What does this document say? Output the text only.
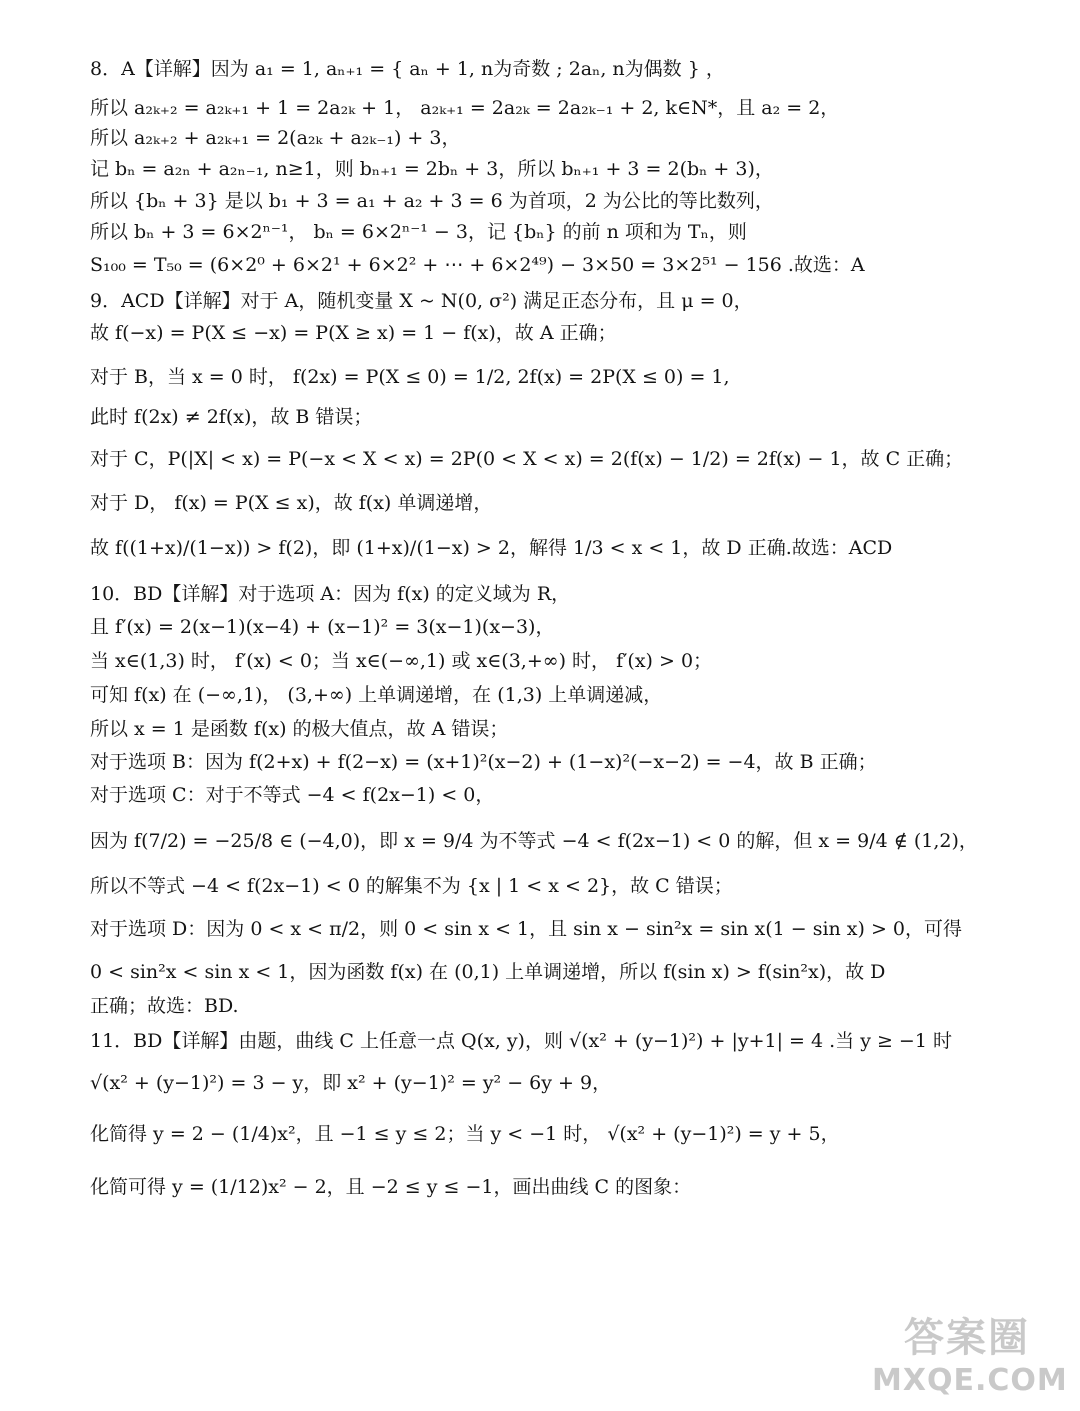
8．A【详解】因为 a₁ = 1, aₙ₊₁ = { aₙ + 1, n为奇数 ; 2aₙ, n为偶数 } ，
所以 a₂ₖ₊₂ = a₂ₖ₊₁ + 1 = 2a₂ₖ + 1， a₂ₖ₊₁ = 2a₂ₖ = 2a₂ₖ₋₁ + 2, k∈N*，且 a₂ = 2，
所以 a₂ₖ₊₂ + a₂ₖ₊₁ = 2(a₂ₖ + a₂ₖ₋₁) + 3，
记 bₙ = a₂ₙ + a₂ₙ₋₁, n≥1，则 bₙ₊₁ = 2bₙ + 3，所以 bₙ₊₁ + 3 = 2(bₙ + 3)，
所以 {bₙ + 3} 是以 b₁ + 3 = a₁ + a₂ + 3 = 6 为首项，2 为公比的等比数列，
所以 bₙ + 3 = 6×2ⁿ⁻¹， bₙ = 6×2ⁿ⁻¹ − 3，记 {bₙ} 的前 n 项和为 Tₙ，则
S₁₀₀ = T₅₀ = (6×2⁰ + 6×2¹ + 6×2² + ⋯ + 6×2⁴⁹) − 3×50 = 3×2⁵¹ − 156 .故选：A
9．ACD【详解】对于 A，随机变量 X ~ N(0, σ²) 满足正态分布，且 μ = 0，
故 f(−x) = P(X ≤ −x) = P(X ≥ x) = 1 − f(x)，故 A 正确；
对于 B，当 x = 0 时， f(2x) = P(X ≤ 0) = 1/2, 2f(x) = 2P(X ≤ 0) = 1,
此时 f(2x) ≠ 2f(x)，故 B 错误；
对于 C，P(|X| < x) = P(−x < X < x) = 2P(0 < X < x) = 2(f(x) − 1/2) = 2f(x) − 1，故 C 正确；
对于 D， f(x) = P(X ≤ x)，故 f(x) 单调递增，
故 f((1+x)/(1−x)) > f(2)，即 (1+x)/(1−x) > 2，解得 1/3 < x < 1，故 D 正确.故选：ACD
10．BD【详解】对于选项 A：因为 f(x) 的定义域为 R，
且 f′(x) = 2(x−1)(x−4) + (x−1)² = 3(x−1)(x−3)，
当 x∈(1,3) 时， f′(x) < 0；当 x∈(−∞,1) 或 x∈(3,+∞) 时， f′(x) > 0；
可知 f(x) 在 (−∞,1)， (3,+∞) 上单调递增，在 (1,3) 上单调递减，
所以 x = 1 是函数 f(x) 的极大值点，故 A 错误；
对于选项 B：因为 f(2+x) + f(2−x) = (x+1)²(x−2) + (1−x)²(−x−2) = −4，故 B 正确；
对于选项 C：对于不等式 −4 < f(2x−1) < 0，
因为 f(7/2) = −25/8 ∈ (−4,0)，即 x = 9/4 为不等式 −4 < f(2x−1) < 0 的解，但 x = 9/4 ∉ (1,2)，
所以不等式 −4 < f(2x−1) < 0 的解集不为 {x | 1 < x < 2}，故 C 错误；
对于选项 D：因为 0 < x < π/2，则 0 < sin x < 1，且 sin x − sin²x = sin x(1 − sin x) > 0，可得
0 < sin²x < sin x < 1，因为函数 f(x) 在 (0,1) 上单调递增，所以 f(sin x) > f(sin²x)，故 D
正确；故选：BD.
11．BD【详解】由题，曲线 C 上任意一点 Q(x, y)，则 √(x² + (y−1)²) + |y+1| = 4 .当 y ≥ −1 时
√(x² + (y−1)²) = 3 − y，即 x² + (y−1)² = y² − 6y + 9，
化简得 y = 2 − (1/4)x²，且 −1 ≤ y ≤ 2；当 y < −1 时， √(x² + (y−1)²) = y + 5，
化简可得 y = (1/12)x² − 2，且 −2 ≤ y ≤ −1，画出曲线 C 的图象：
答案圈
MXQE.COM
